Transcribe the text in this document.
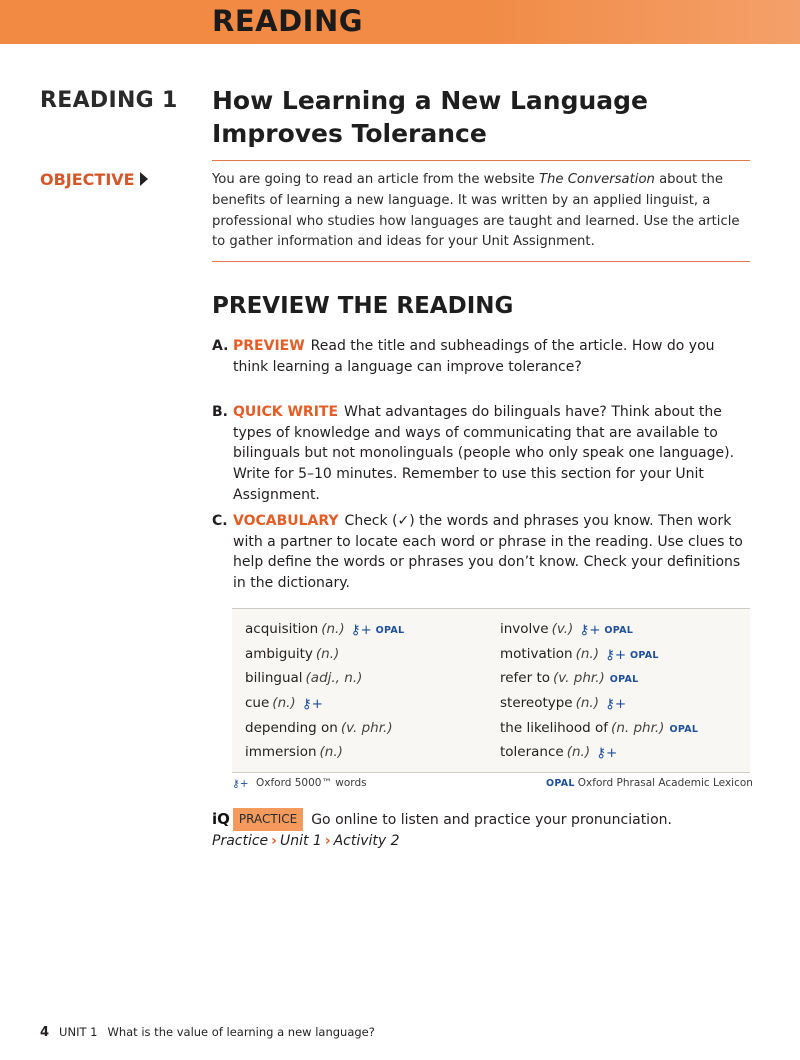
READING
READING 1 How Learning a New Language Improves Tolerance
OBJECTIVE	You are going to read an article from the website The Conversation about the benefits of learning a new language. It was written by an applied linguist, a professional who studies how languages are taught and learned. Use the article to gather information and ideas for your Unit Assignment.
PREVIEW THE READING
A. PREVIEW Read the title and subheadings of the article. How do you think learning a language can improve tolerance?
B. QUICK WRITE What advantages do bilinguals have? Think about the types of knowledge and ways of communicating that are available to bilinguals but not monolinguals (people who only speak one language). Write for 5–10 minutes. Remember to use this section for your Unit Assignment.
C. VOCABULARY Check (✓) the words and phrases you know. Then work with a partner to locate each word or phrase in the reading. Use clues to help define the words or phrases you don’t know. Check your definitions in the dictionary.
acquisition (n.) ⚷+ OPAL
ambiguity (n.)
bilingual (adj., n.)
cue (n.) ⚷+
depending on (v. phr.)
immersion (n.)
involve (v.) ⚷+ OPAL
motivation (n.) ⚷+ OPAL
refer to (v. phr.) OPAL
stereotype (n.) ⚷+
the likelihood of (n. phr.) OPAL
tolerance (n.) ⚷+
⚷+ Oxford 5000™ words	OPAL Oxford Phrasal Academic Lexicon
iQ PRACTICE Go online to listen and practice your pronunciation.
Practice › Unit 1 › Activity 2
4 UNIT 1 What is the value of learning a new language?
